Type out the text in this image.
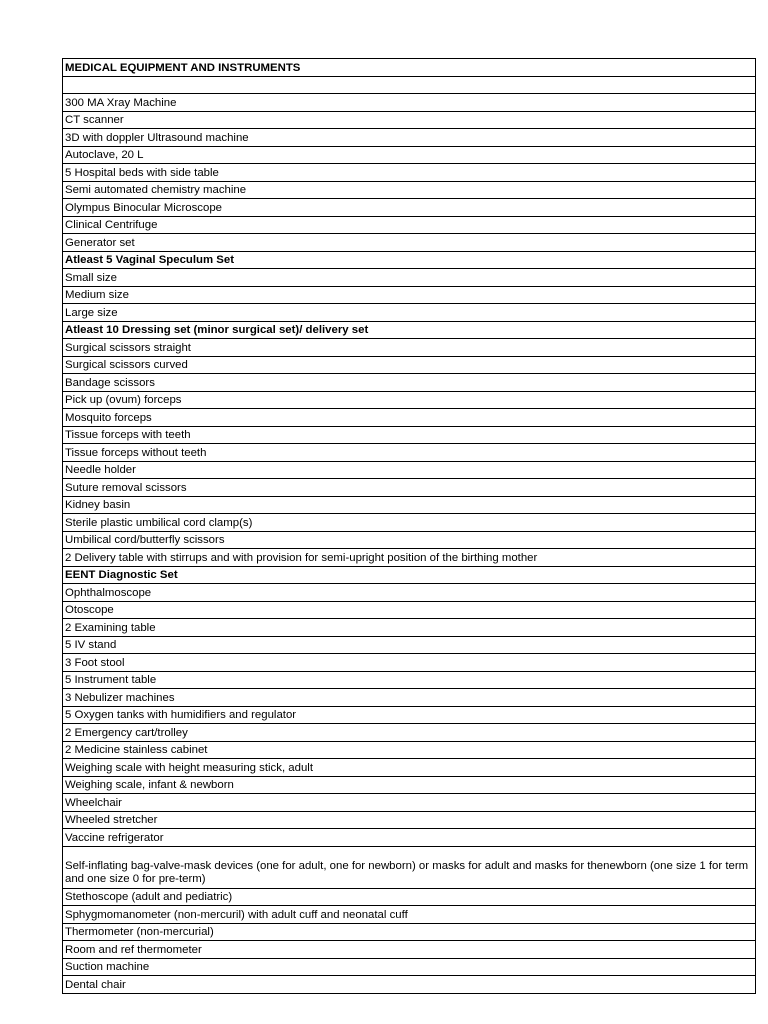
MEDICAL EQUIPMENT AND INSTRUMENTS

300 MA Xray Machine
CT scanner
3D with doppler Ultrasound machine
Autoclave, 20 L
5 Hospital beds with side table
Semi automated chemistry machine
Olympus Binocular Microscope
Clinical Centrifuge
Generator set
Atleast 5 Vaginal Speculum Set
Small size
Medium size
Large size
Atleast 10 Dressing set (minor surgical set)/ delivery set
Surgical scissors straight
Surgical scissors curved
Bandage scissors
Pick up (ovum) forceps
Mosquito forceps
Tissue forceps with teeth
Tissue forceps without teeth
Needle holder
Suture removal scissors
Kidney basin
Sterile plastic umbilical cord clamp(s)
Umbilical cord/butterfly scissors
2 Delivery table with stirrups and with provision for semi-upright position of the birthing mother
EENT Diagnostic Set
Ophthalmoscope
Otoscope
2 Examining table
5 IV stand
3 Foot stool
5 Instrument table
3 Nebulizer machines
5 Oxygen tanks with humidifiers and regulator
2 Emergency cart/trolley
2 Medicine stainless cabinet
Weighing scale with height measuring stick, adult
Weighing scale, infant & newborn
Wheelchair
Wheeled stretcher
Vaccine refrigerator
Self-inflating bag-valve-mask devices (one for adult, one for newborn) or masks for adult and masks for thenewborn (one size 1 for term and one size 0 for pre-term)
Stethoscope (adult and pediatric)
Sphygmomanometer (non-mercuril) with adult cuff and neonatal cuff
Thermometer (non-mercurial)
Room and ref thermometer
Suction machine
Dental chair
